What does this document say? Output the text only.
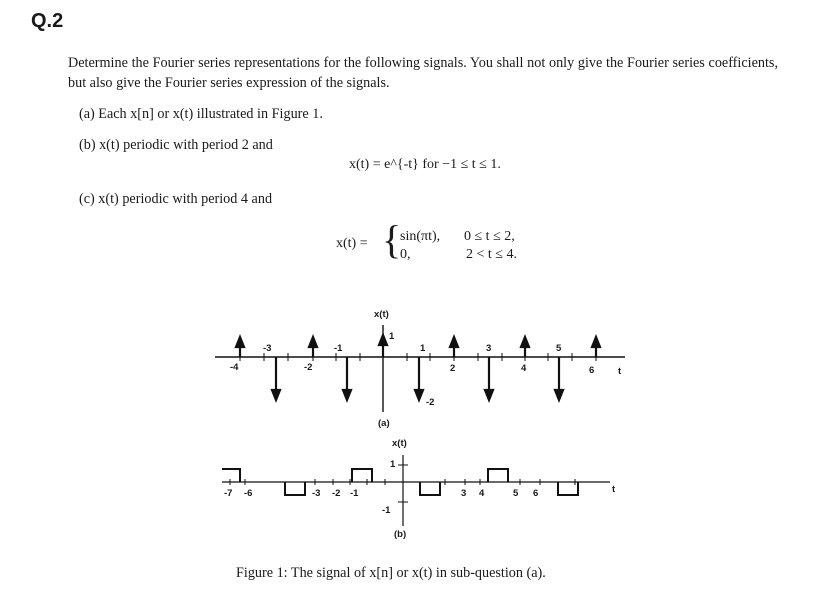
Q.2
Determine the Fourier series representations for the following signals. You shall not only give the Fourier series coefficients, but also give the Fourier series expression of the signals.
(a) Each x[n] or x(t) illustrated in Figure 1.
(b) x(t) periodic with period 2 and
x(t) = e^{-t} for −1 ≤ t ≤ 1.
(c) x(t) periodic with period 4 and
x(t) = {
sin(πt), 0 ≤ t ≤ 2,
0,	2 < t ≤ 4.
x(t)
1
-2
-3	-1	1	3	5
-4	-2	2	4	6 t
(a)
x(t)
1
-1
-7 -6	-3 -2 -1	3 4	5 6	t
(b)
Figure 1: The signal of x[n] or x(t) in sub-question (a).
